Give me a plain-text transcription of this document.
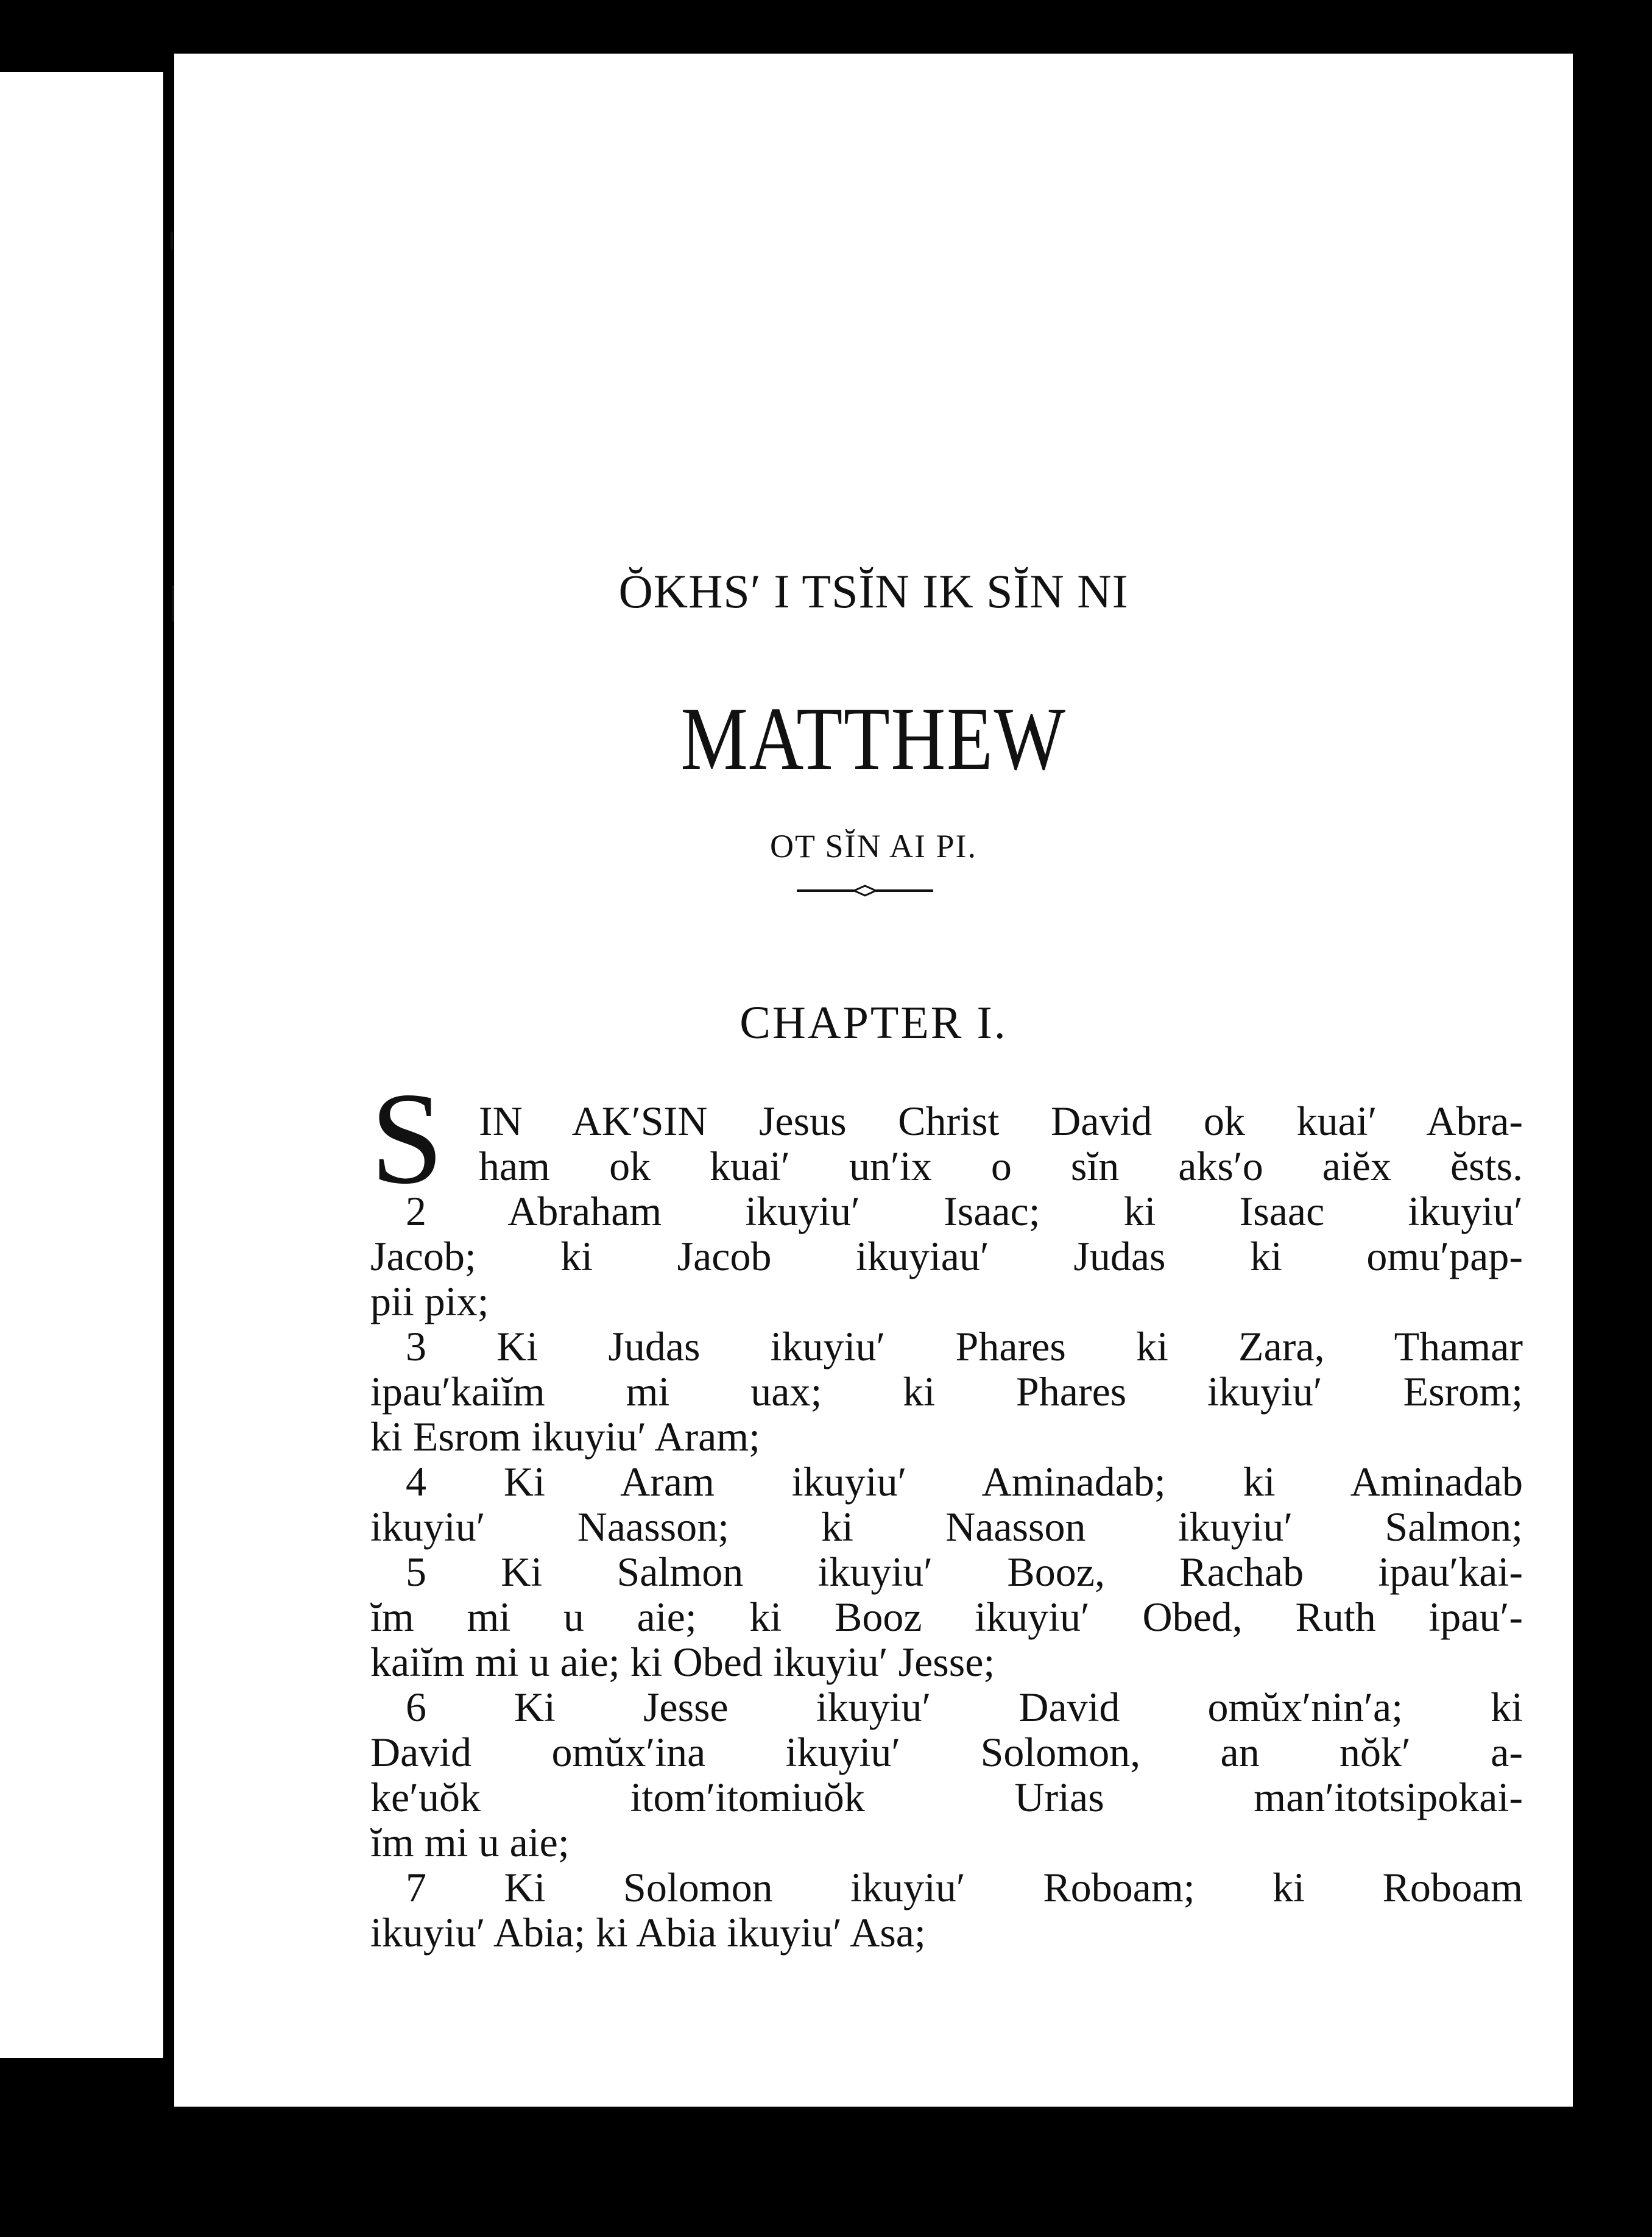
ŎKHS′ I TSĬN IK SĬN NI
MATTHEW
OT SĬN AI PI.
CHAPTER I.
S IN AK′SIN Jesus Christ David ok kuai′ Abra-
ham ok kuai′ un′ix o sĭn aks′o aiĕx ĕsts.
2 Abraham ikuyiu′ Isaac; ki Isaac ikuyiu′
Jacob; ki Jacob ikuyiau′ Judas ki omu′pap-
pii pix;
3 Ki Judas ikuyiu′ Phares ki Zara, Thamar
ipau′kaiĭm mi uax; ki Phares ikuyiu′ Esrom;
ki Esrom ikuyiu′ Aram;
4 Ki Aram ikuyiu′ Aminadab; ki Aminadab
ikuyiu′ Naasson; ki Naasson ikuyiu′ Salmon;
5 Ki Salmon ikuyiu′ Booz, Rachab ipau′kai-
ĭm mi u aie; ki Booz ikuyiu′ Obed, Ruth ipau′-
kaiĭm mi u aie; ki Obed ikuyiu′ Jesse;
6 Ki Jesse ikuyiu′ David omŭx′nin′a; ki
David omŭx′ina ikuyiu′ Solomon, an nŏk′ a-
ke′uŏk itom′itomiuŏk Urias man′itotsipokai-
ĭm mi u aie;
7 Ki Solomon ikuyiu′ Roboam; ki Roboam
ikuyiu′ Abia; ki Abia ikuyiu′ Asa;
